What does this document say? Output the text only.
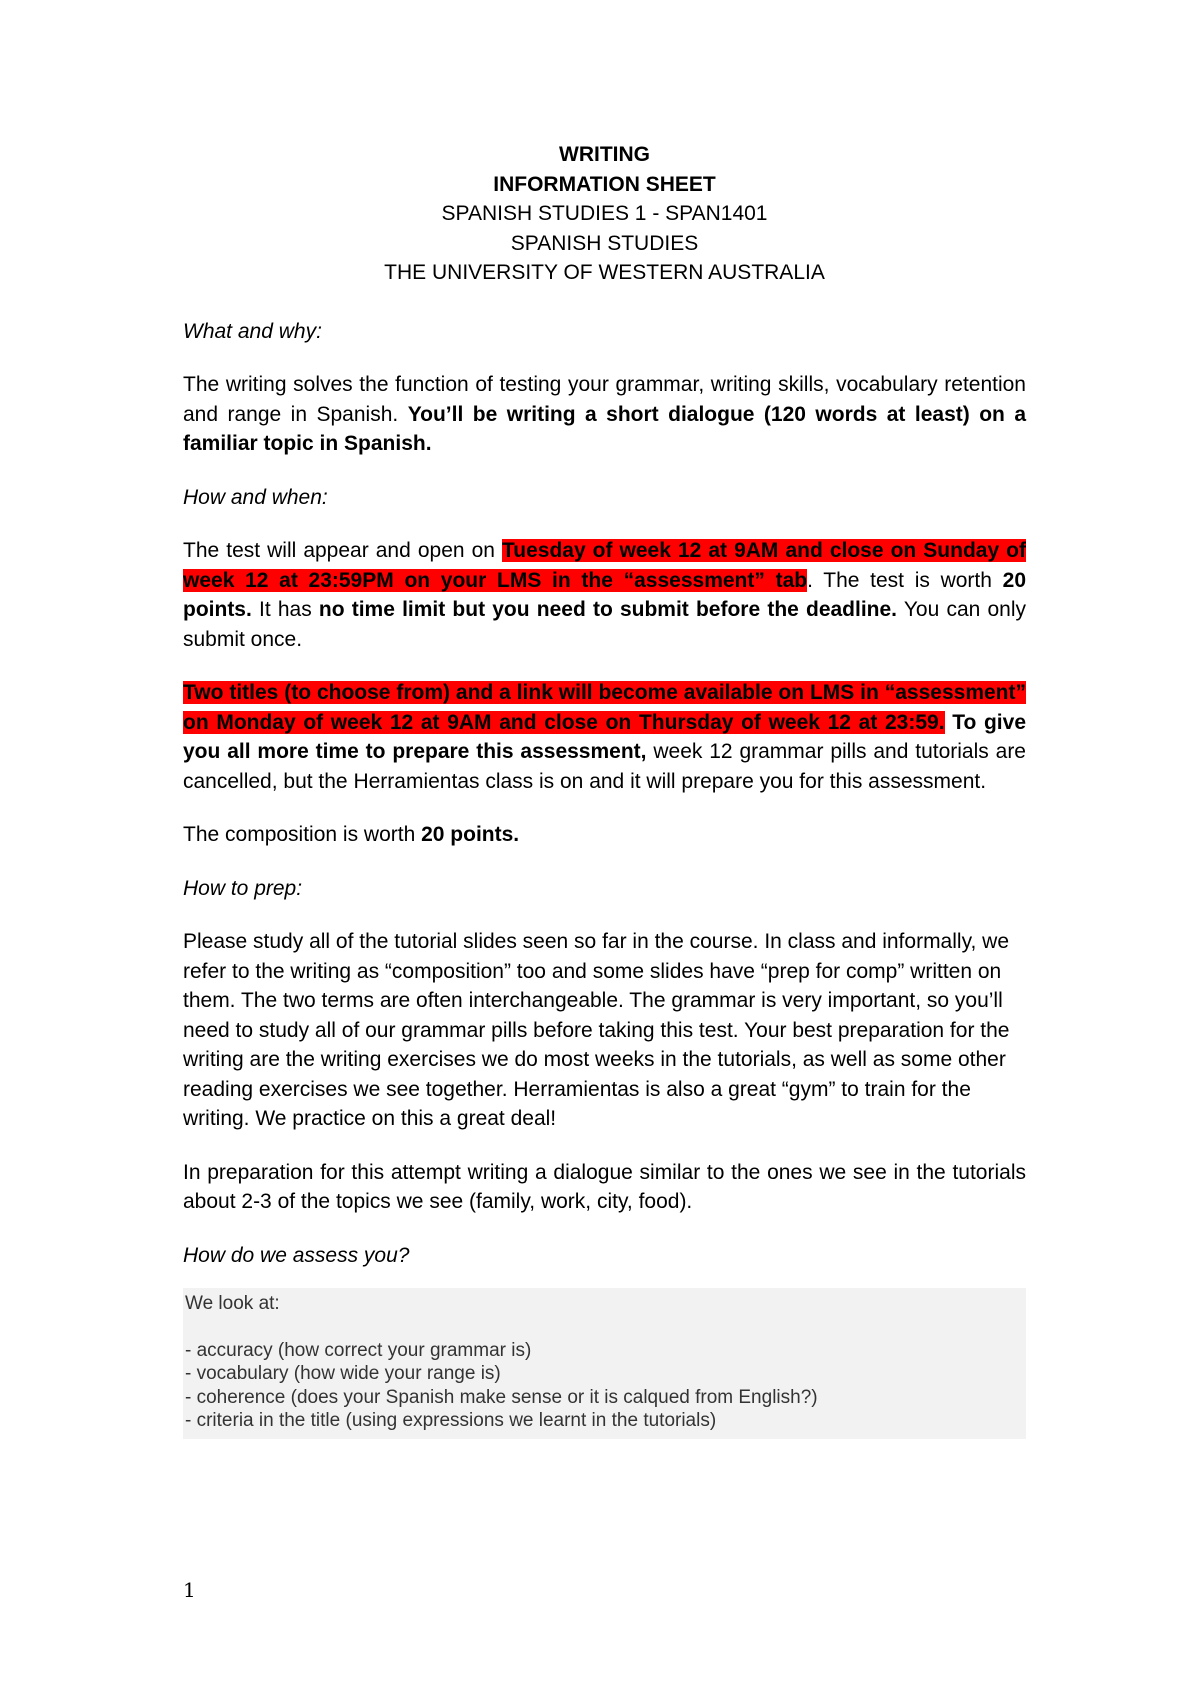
WRITING
INFORMATION SHEET
SPANISH STUDIES 1 - SPAN1401
SPANISH STUDIES
THE UNIVERSITY OF WESTERN AUSTRALIA

What and why:

The writing solves the function of testing your grammar, writing skills, vocabulary retention and range in Spanish. You’ll be writing a short dialogue (120 words at least) on a familiar topic in Spanish.

How and when:

The test will appear and open on Tuesday of week 12 at 9AM and close on Sunday of week 12 at 23:59PM on your LMS in the “assessment” tab. The test is worth 20 points. It has no time limit but you need to submit before the deadline. You can only submit once.

Two titles (to choose from) and a link will become available on LMS in “assessment” on Monday of week 12 at 9AM and close on Thursday of week 12 at 23:59. To give you all more time to prepare this assessment, week 12 grammar pills and tutorials are cancelled, but the Herramientas class is on and it will prepare you for this assessment.

The composition is worth 20 points.

How to prep:

Please study all of the tutorial slides seen so far in the course. In class and informally, we refer to the writing as “composition” too and some slides have “prep for comp” written on them. The two terms are often interchangeable. The grammar is very important, so you’ll need to study all of our grammar pills before taking this test. Your best preparation for the writing are the writing exercises we do most weeks in the tutorials, as well as some other reading exercises we see together. Herramientas is also a great “gym” to train for the writing. We practice on this a great deal!

In preparation for this attempt writing a dialogue similar to the ones we see in the tutorials about 2-3 of the topics we see (family, work, city, food).

How do we assess you?

We look at:
- accuracy (how correct your grammar is)
- vocabulary (how wide your range is)
- coherence (does your Spanish make sense or it is calqued from English?)
- criteria in the title (using expressions we learnt in the tutorials)
1
